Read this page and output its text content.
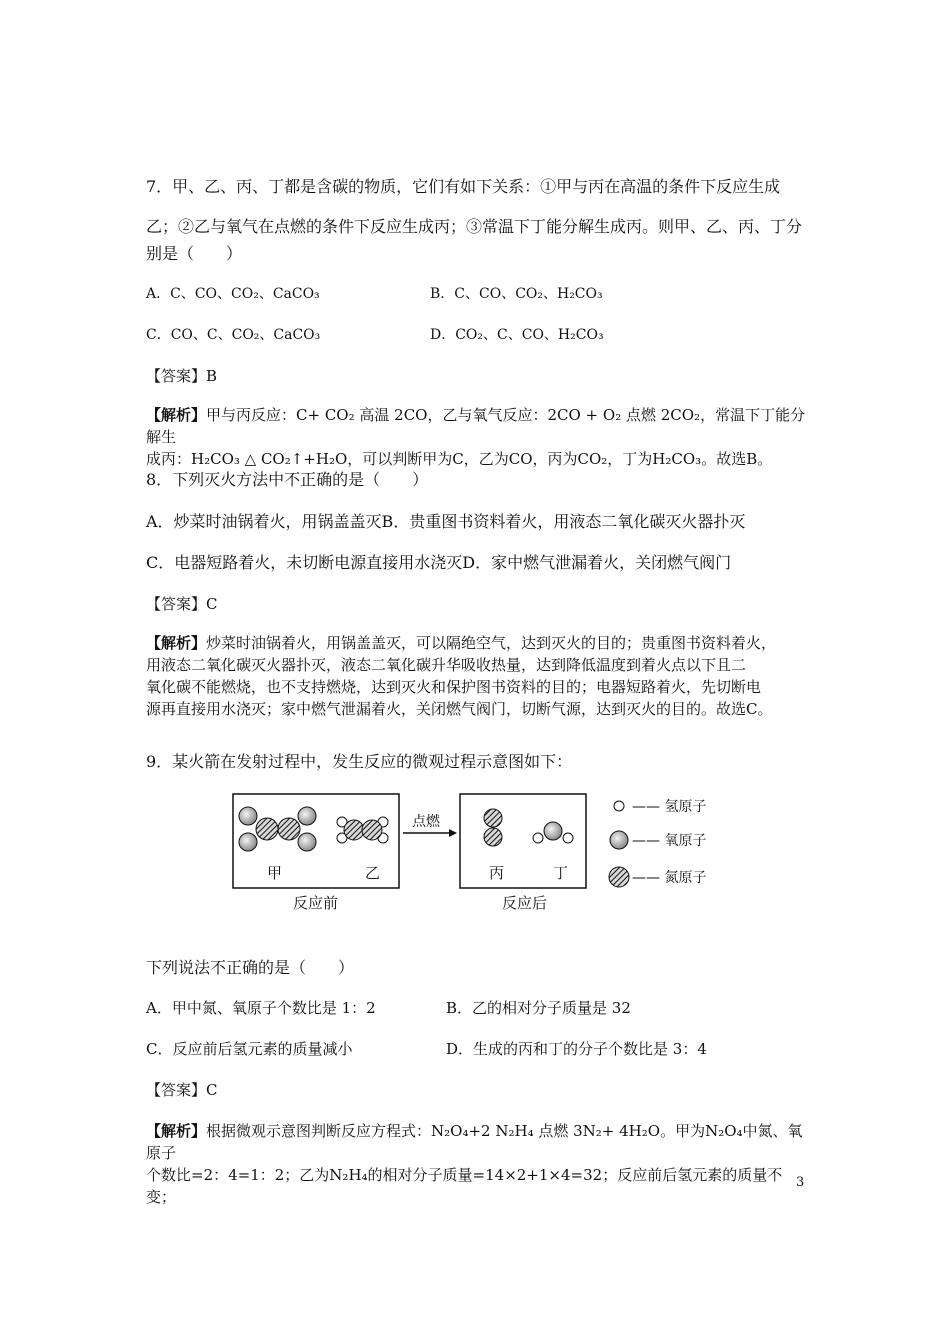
7．甲、乙、丙、丁都是含碳的物质，它们有如下关系：①甲与丙在高温的条件下反应生成
乙；②乙与氧气在点燃的条件下反应生成丙；③常温下丁能分解生成丙。则甲、乙、丙、丁分
别是（　　）
A．C、CO、CO₂、CaCO₃	B．C、CO、CO₂、H₂CO₃
C．CO、C、CO₂、CaCO₃	D．CO₂、C、CO、H₂CO₃
【答案】B
【解析】甲与丙反应：C+ CO₂ 高温 2CO，乙与氧气反应：2CO + O₂ 点燃 2CO₂，常温下丁能分解生
成丙：H₂CO₃ △ CO₂↑+H₂O，可以判断甲为C，乙为CO，丙为CO₂，丁为H₂CO₃。故选B。
8．下列灭火方法中不正确的是（　　）
A．炒菜时油锅着火，用锅盖盖灭B．贵重图书资料着火，用液态二氧化碳灭火器扑灭
C．电器短路着火，未切断电源直接用水浇灭D．家中燃气泄漏着火，关闭燃气阀门
【答案】C
【解析】炒菜时油锅着火，用锅盖盖灭，可以隔绝空气，达到灭火的目的；贵重图书资料着火，
用液态二氧化碳灭火器扑灭，液态二氧化碳升华吸收热量，达到降低温度到着火点以下且二
氧化碳不能燃烧，也不支持燃烧，达到灭火和保护图书资料的目的；电器短路着火，先切断电
源再直接用水浇灭；家中燃气泄漏着火，关闭燃气阀门，切断气源，达到灭火的目的。故选C。
9．某火箭在发射过程中，发生反应的微观过程示意图如下：
甲	乙
点燃
丙	丁
反应前	反应后
—— 氢原子
—— 氧原子
—— 氮原子
下列说法不正确的是（　　）
A．甲中氮、氧原子个数比是 1：2	B．乙的相对分子质量是 32
C．反应前后氢元素的质量减小	D．生成的丙和丁的分子个数比是 3：4
【答案】C
【解析】根据微观示意图判断反应方程式：N₂O₄+2 N₂H₄ 点燃 3N₂+ 4H₂O。甲为N₂O₄中氮、氧原子
个数比=2：4=1：2；乙为N₂H₄的相对分子质量=14×2+1×4=32；反应前后氢元素的质量不变；
3
